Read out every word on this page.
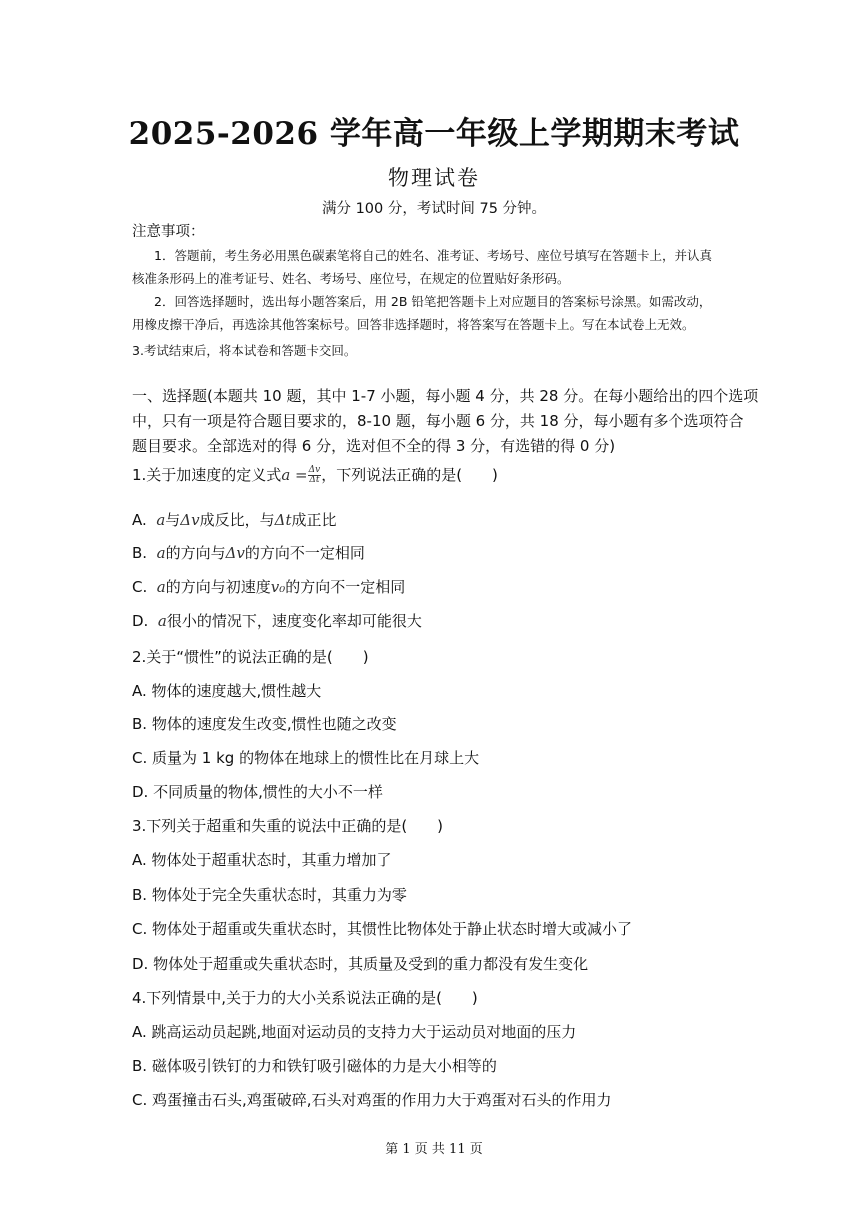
2025-2026 学年高一年级上学期期末考试
物理试卷
满分 100 分，考试时间 75 分钟。
注意事项：
1．答题前，考生务必用黑色碳素笔将自己的姓名、准考证、考场号、座位号填写在答题卡上，并认真
核准条形码上的准考证号、姓名、考场号、座位号，在规定的位置贴好条形码。
2．回答选择题时，选出每小题答案后，用 2B 铅笔把答题卡上对应题目的答案标号涂黑。如需改动，
用橡皮擦干净后，再选涂其他答案标号。回答非选择题时，将答案写在答题卡上。写在本试卷上无效。
3.考试结束后，将本试卷和答题卡交回。
一、选择题(本题共 10 题，其中 1-7 小题，每小题 4 分，共 28 分。在每小题给出的四个选项
中，只有一项是符合题目要求的，8-10 题，每小题 6 分，共 18 分，每小题有多个选项符合
题目要求。全部选对的得 6 分，选对但不全的得 3 分，有选错的得 0 分)
1.关于加速度的定义式$a = \frac{\Delta v}{\Delta t}$ ，下列说法正确的是(　　)
A. a与Δv成反比，与Δt成正比
B. a的方向与Δv的方向不一定相同
C. a的方向与初速度v₀的方向不一定相同
D. a很小的情况下，速度变化率却可能很大
2.关于“惯性”的说法正确的是(　　)
A. 物体的速度越大,惯性越大
B. 物体的速度发生改变,惯性也随之改变
C. 质量为 1 kg 的物体在地球上的惯性比在月球上大
D. 不同质量的物体,惯性的大小不一样
3.下列关于超重和失重的说法中正确的是(　　)
A. 物体处于超重状态时，其重力增加了
B. 物体处于完全失重状态时，其重力为零
C. 物体处于超重或失重状态时，其惯性比物体处于静止状态时增大或减小了
D. 物体处于超重或失重状态时，其质量及受到的重力都没有发生变化
4.下列情景中,关于力的大小关系说法正确的是(　　)
A. 跳高运动员起跳,地面对运动员的支持力大于运动员对地面的压力
B. 磁体吸引铁钉的力和铁钉吸引磁体的力是大小相等的
C. 鸡蛋撞击石头,鸡蛋破碎,石头对鸡蛋的作用力大于鸡蛋对石头的作用力
第 1 页 共 11 页
